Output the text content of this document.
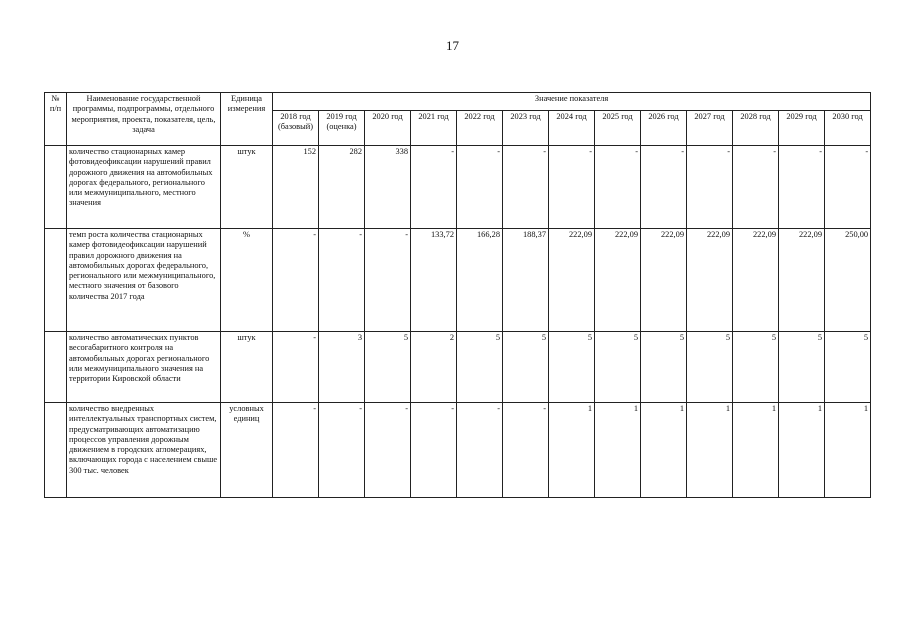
17
№
п/п	Наименование государственной программы, подпрограммы, отдельного мероприятия, проекта, показателя, цель, задача	Единица измерения	Значение показателя												
			2018 год (базовый)	2019 год (оценка)	2020 год	2021 год	2022 год	2023 год	2024 год	2025 год	2026 год	2027 год	2028 год	2029 год	2030 год
	количество стационарных камер фотовидеофиксации нарушений правил дорожного движения на автомобильных дорогах федерального, регионального или межмуниципального, местного значения	штук	152	282	338	-	-	-	-	-	-	-	-	-	-
	темп роста количества стационарных камер фотовидеофиксации нарушений правил дорожного движения на автомобильных дорогах федерального, регионального или межмуниципального, местного значения от базового количества 2017 года	%	-	-	-	133,72	166,28	188,37	222,09	222,09	222,09	222,09	222,09	222,09	250,00
	количество автоматических пунктов весогабаритного контроля на автомобильных дорогах регионального или межмуниципального значения на территории Кировской области	штук	-	3	5	2	5	5	5	5	5	5	5	5	5
	количество внедренных интеллектуальных транспортных систем, предусматривающих автоматизацию процессов управления дорожным движением в городских агломерациях, включающих города с населением свыше 300 тыс. человек	условных единиц	-	-	-	-	-	-	1	1	1	1	1	1	1
